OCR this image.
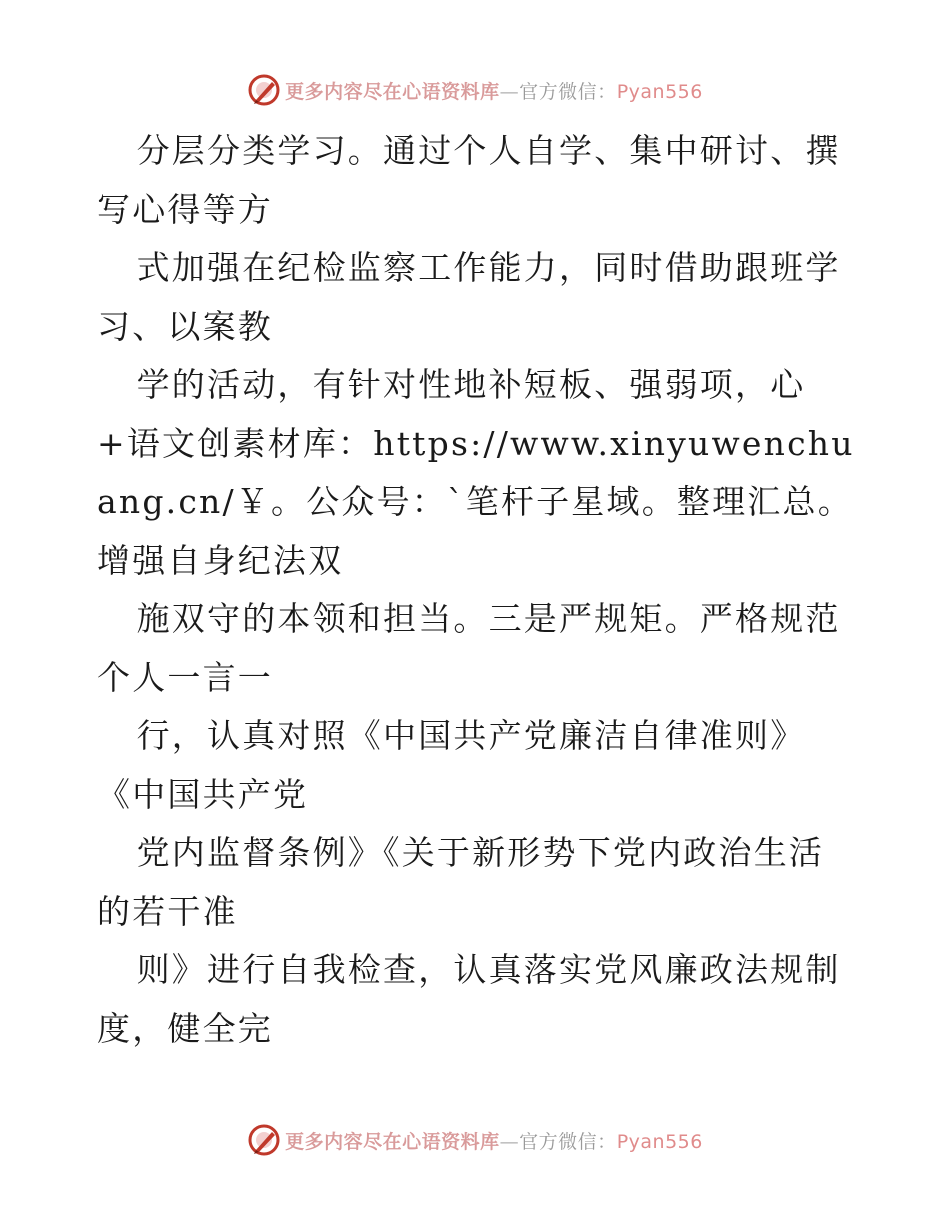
更多内容尽在心语资料库—官方微信：Pyan556

分层分类学习。通过个人自学、集中研讨、撰写心得等方

式加强在纪检监察工作能力，同时借助跟班学习、以案教

学的活动，有针对性地补短板、强弱项，心+语文创素材库：https://www.xinyuwenchuang.cn/￥。公众号：`笔杆子星域。整理汇总。增强自身纪法双

施双守的本领和担当。三是严规矩。严格规范个人一言一

行，认真对照《中国共产党廉洁自律准则》《中国共产党

党内监督条例》《关于新形势下党内政治生活的若干准

则》进行自我检查，认真落实党风廉政法规制度，健全完

更多内容尽在心语资料库—官方微信：Pyan556
